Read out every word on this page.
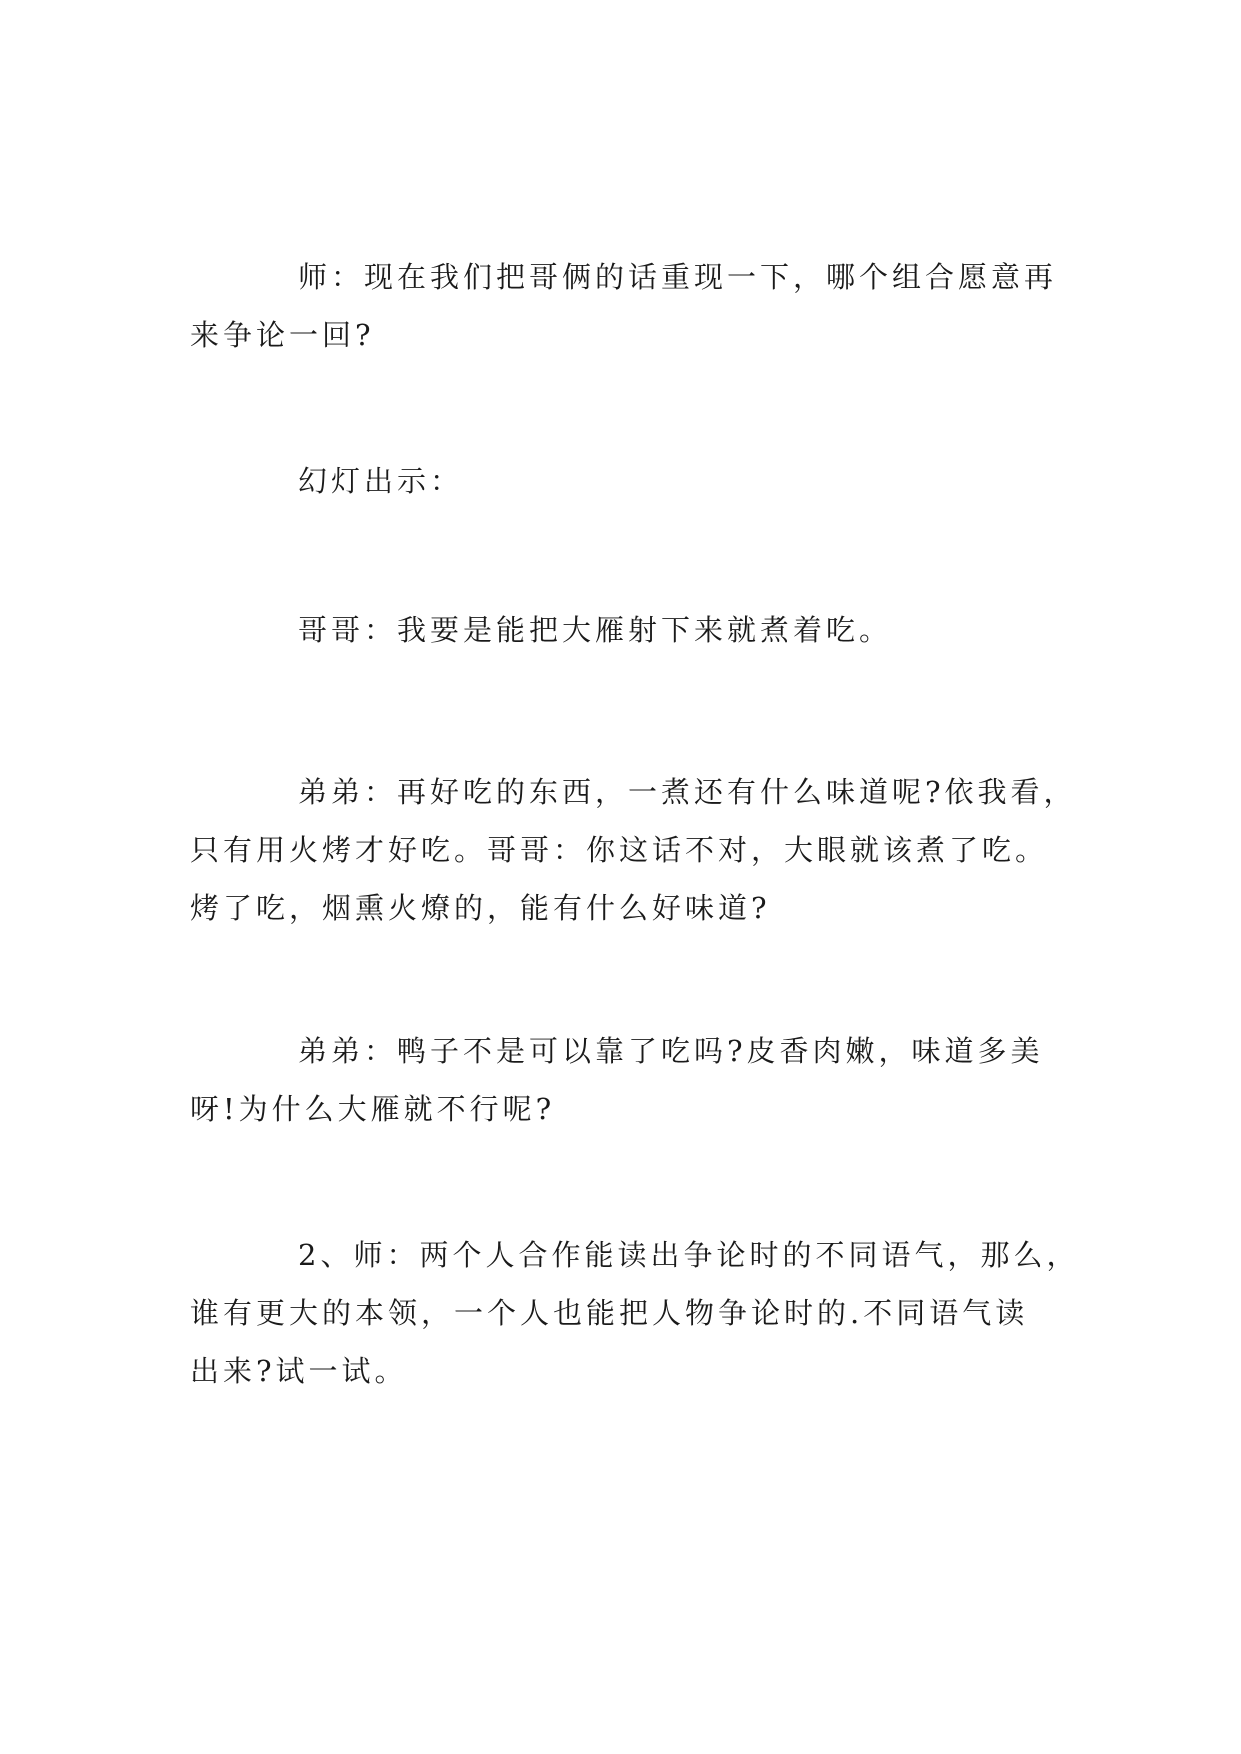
师：现在我们把哥俩的话重现一下，哪个组合愿意再
来争论一回?

幻灯出示：

哥哥：我要是能把大雁射下来就煮着吃。

弟弟：再好吃的东西，一煮还有什么味道呢?依我看，
只有用火烤才好吃。哥哥：你这话不对，大眼就该煮了吃。
烤了吃，烟熏火燎的，能有什么好味道?

弟弟：鸭子不是可以靠了吃吗?皮香肉嫩，味道多美
呀!为什么大雁就不行呢?

2、师：两个人合作能读出争论时的不同语气，那么，
谁有更大的本领，一个人也能把人物争论时的.不同语气读
出来?试一试。
